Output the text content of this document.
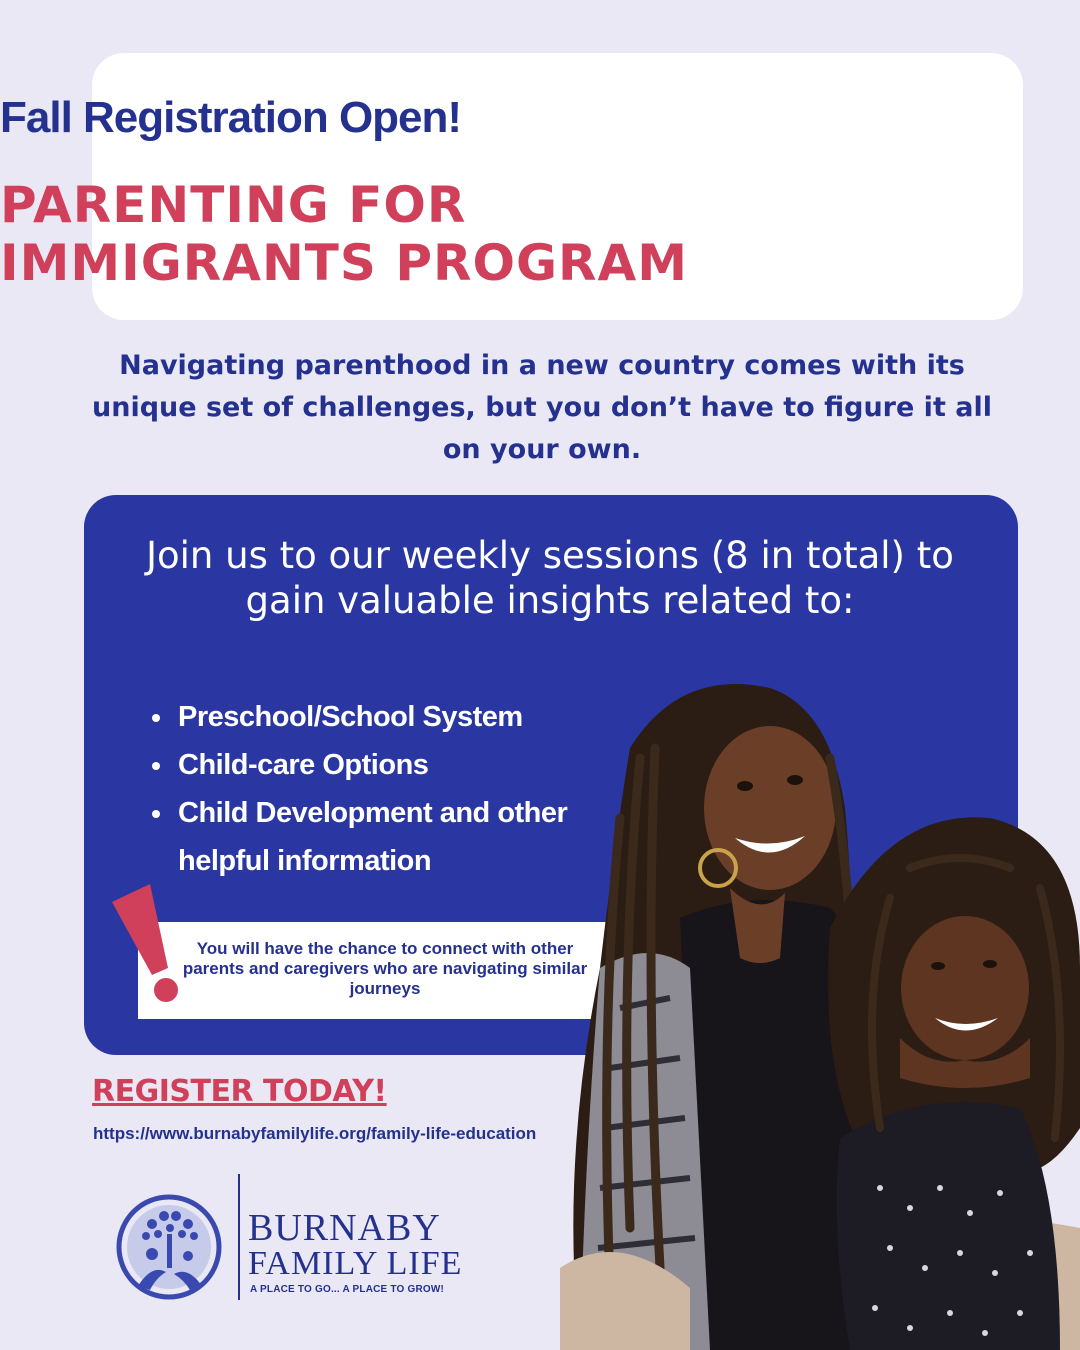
Fall Registration Open!
PARENTING FOR
IMMIGRANTS PROGRAM
Navigating parenthood in a new country comes with its unique set of challenges, but you don’t have to figure it all on your own.
Join us to our weekly sessions (8 in total) to gain valuable insights related to:
Preschool/School System
Child-care Options
Child Development and other helpful information
You will have the chance to connect with other parents and caregivers who are navigating similar journeys
REGISTER TODAY!
https://www.burnabyfamilylife.org/family-life-education
BURNABY
FAMILY LIFE
A PLACE TO GO... A PLACE TO GROW!
